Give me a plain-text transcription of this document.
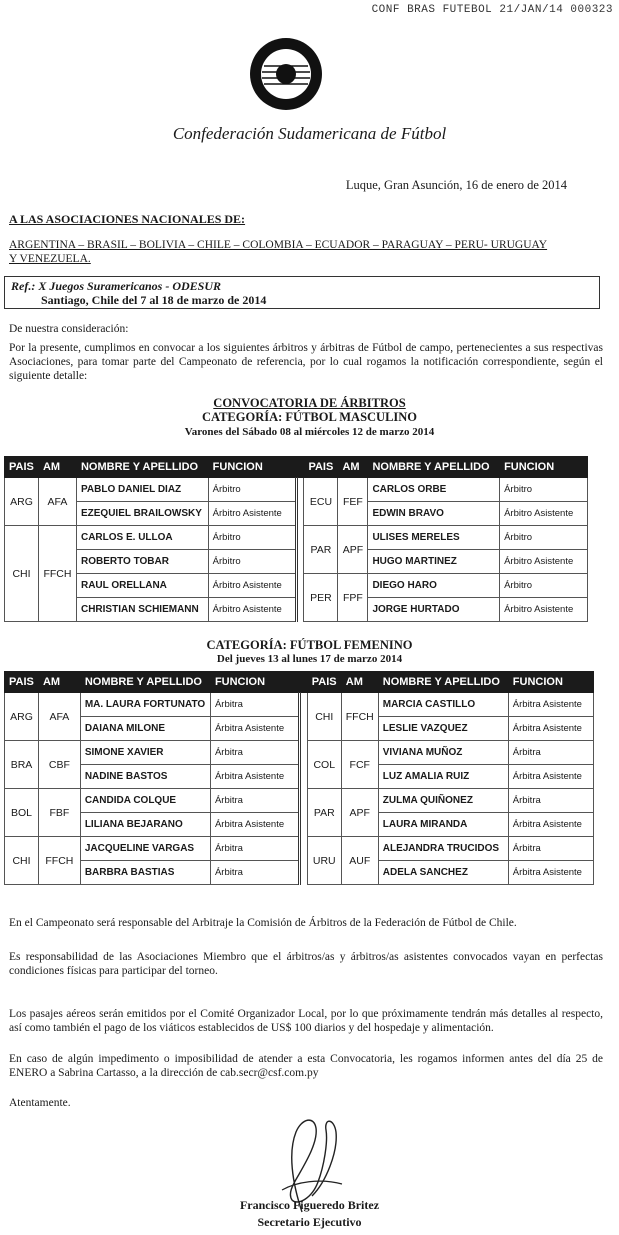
CONF BRAS FUTEBOL 21/JAN/14 000323
Confederación Sudamericana de Fútbol
Luque, Gran Asunción, 16 de enero de 2014
A LAS ASOCIACIONES NACIONALES DE:
ARGENTINA – BRASIL – BOLIVIA – CHILE – COLOMBIA – ECUADOR – PARAGUAY – PERU- URUGUAY Y VENEZUELA.
Ref.: X Juegos Suramericanos - ODESUR
Santiago, Chile del 7 al 18 de marzo de 2014
De nuestra consideración:
Por la presente, cumplimos en convocar a los siguientes árbitros y árbitras de Fútbol de campo, pertenecientes a sus respectivas Asociaciones, para tomar parte del Campeonato de referencia, por lo cual rogamos la notificación correspondiente, según el siguiente detalle:
CONVOCATORIA DE ÁRBITROS
CATEGORÍA: FÚTBOL MASCULINO
Varones del Sábado 08 al miércoles 12 de marzo 2014
PAIS	AM	NOMBRE Y APELLIDO	FUNCION		PAIS	AM	NOMBRE Y APELLIDO	FUNCION
ARG	AFA	PABLO DANIEL DIAZ	Árbitro		ECU	FEF	CARLOS ORBE	Árbitro
		EZEQUIEL BRAILOWSKY	Árbitro Asistente				EDWIN BRAVO	Árbitro Asistente
CHI	FFCH	CARLOS E. ULLOA	Árbitro		PAR	APF	ULISES MERELES	Árbitro
		ROBERTO TOBAR	Árbitro				HUGO MARTINEZ	Árbitro Asistente
		RAUL ORELLANA	Árbitro Asistente		PER	FPF	DIEGO HARO	Árbitro
		CHRISTIAN SCHIEMANN	Árbitro Asistente				JORGE HURTADO	Árbitro Asistente
CATEGORÍA: FÚTBOL FEMENINO
Del jueves 13 al lunes 17 de marzo 2014
PAIS	AM	NOMBRE Y APELLIDO	FUNCION		PAIS	AM	NOMBRE Y APELLIDO	FUNCION
ARG	AFA	MA. LAURA FORTUNATO	Árbitra		CHI	FFCH	MARCIA CASTILLO	Árbitra Asistente
		DAIANA MILONE	Árbitra Asistente				LESLIE VAZQUEZ	Árbitra Asistente
BRA	CBF	SIMONE XAVIER	Árbitra		COL	FCF	VIVIANA MUÑOZ	Árbitra
		NADINE BASTOS	Árbitra Asistente				LUZ AMALIA RUIZ	Árbitra Asistente
BOL	FBF	CANDIDA COLQUE	Árbitra		PAR	APF	ZULMA QUIÑONEZ	Árbitra
		LILIANA BEJARANO	Árbitra Asistente				LAURA MIRANDA	Árbitra Asistente
CHI	FFCH	JACQUELINE VARGAS	Árbitra		URU	AUF	ALEJANDRA TRUCIDOS	Árbitra
		BARBRA BASTIAS	Árbitra				ADELA SANCHEZ	Árbitra Asistente
En el Campeonato será responsable del Arbitraje la Comisión de Árbitros de la Federación de Fútbol de Chile.
Es responsabilidad de las Asociaciones Miembro que el árbitros/as y árbitros/as asistentes convocados vayan en perfectas condiciones físicas para participar del torneo.
Los pasajes aéreos serán emitidos por el Comité Organizador Local, por lo que próximamente tendrán más detalles al respecto, así como también el pago de los viáticos establecidos de US$ 100 diarios y del hospedaje y alimentación.
En caso de algún impedimento o imposibilidad de atender a esta Convocatoria, les rogamos informen antes del día 25 de ENERO a Sabrina Cartasso, a la dirección de cab.secr@csf.com.py
Atentamente.
Francisco Figueredo Britez
Secretario Ejecutivo
